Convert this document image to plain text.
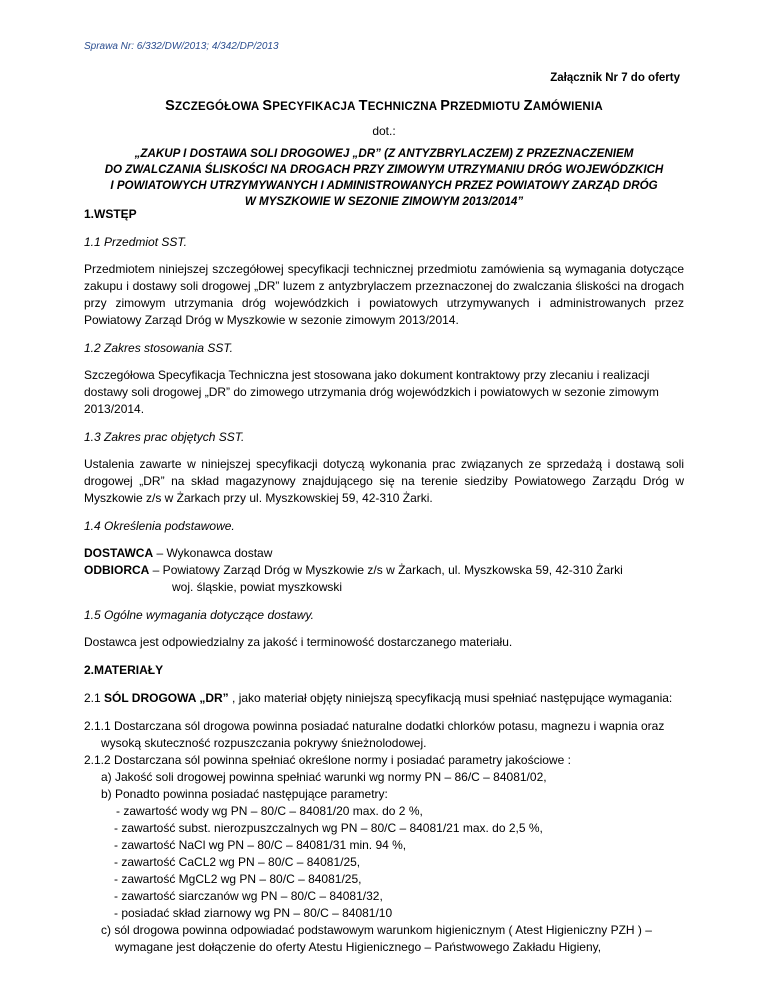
Sprawa Nr: 6/332/DW/2013; 4/342/DP/2013
Załącznik Nr 7 do oferty
SZCZEGÓŁOWA SPECYFIKACJA TECHNICZNA PRZEDMIOTU ZAMÓWIENIA
dot.:
„ZAKUP I DOSTAWA SOLI DROGOWEJ „DR” (Z ANTYZBRYLACZEM) Z PRZEZNACZENIEM
DO ZWALCZANIA ŚLISKOŚCI NA DROGACH PRZY ZIMOWYM UTRZYMANIU DRÓG WOJEWÓDZKICH
I POWIATOWYCH UTRZYMYWANYCH I ADMINISTROWANYCH PRZEZ POWIATOWY ZARZĄD DRÓG
W MYSZKOWIE W SEZONIE ZIMOWYM 2013/2014”

1.WSTĘP

1.1 Przedmiot SST.

Przedmiotem niniejszej szczegółowej specyfikacji technicznej przedmiotu zamówienia są wymagania dotyczące zakupu i dostawy soli drogowej „DR” luzem z antyzbrylaczem przeznaczonej do zwalczania śliskości na drogach przy zimowym utrzymania dróg wojewódzkich i powiatowych utrzymywanych i administrowanych przez Powiatowy Zarząd Dróg w Myszkowie w sezonie zimowym 2013/2014.

1.2 Zakres stosowania SST.

Szczegółowa Specyfikacja Techniczna jest stosowana jako dokument kontraktowy przy zlecaniu i realizacji dostawy soli drogowej „DR” do zimowego utrzymania dróg wojewódzkich i powiatowych w sezonie zimowym 2013/2014.

1.3 Zakres prac objętych SST.

Ustalenia zawarte w niniejszej specyfikacji dotyczą wykonania prac związanych ze sprzedażą i dostawą soli drogowej „DR” na skład magazynowy znajdującego się na terenie siedziby Powiatowego Zarządu Dróg w Myszkowie z/s w Żarkach przy ul. Myszkowskiej 59, 42-310 Żarki.

1.4 Określenia podstawowe.

DOSTAWCA – Wykonawca dostaw
ODBIORCA – Powiatowy Zarząd Dróg w Myszkowie z/s w Żarkach, ul. Myszkowska 59, 42-310 Żarki
woj. śląskie, powiat myszkowski

1.5 Ogólne wymagania dotyczące dostawy.

Dostawca jest odpowiedzialny za jakość i terminowość dostarczanego materiału.

2.MATERIAŁY

2.1 SÓL DROGOWA „DR” , jako materiał objęty niniejszą specyfikacją musi spełniać następujące wymagania:

2.1.1 Dostarczana sól drogowa powinna posiadać naturalne dodatki chlorków potasu, magnezu i wapnia oraz wysoką skuteczność rozpuszczania pokrywy śnieżnolodowej.

2.1.2 Dostarczana sól powinna spełniać określone normy i posiadać parametry jakościowe :

a) Jakość soli drogowej powinna spełniać warunki wg normy PN – 86/C – 84081/02,

b) Ponadto powinna posiadać następujące parametry:

- zawartość wody wg PN – 80/C – 84081/20 max. do 2 %,

- zawartość subst. nierozpuszczalnych wg PN – 80/C – 84081/21 max. do 2,5 %,

- zawartość NaCl wg PN – 80/C – 84081/31 min. 94 %,

- zawartość CaCL2 wg PN – 80/C – 84081/25,

- zawartość MgCL2 wg PN – 80/C – 84081/25,

- zawartość siarczanów wg PN – 80/C – 84081/32,

- posiadać skład ziarnowy wg PN – 80/C – 84081/10

c) sól drogowa powinna odpowiadać podstawowym warunkom higienicznym ( Atest Higieniczny PZH ) –
wymagane jest dołączenie do oferty Atestu Higienicznego – Państwowego Zakładu Higieny,
